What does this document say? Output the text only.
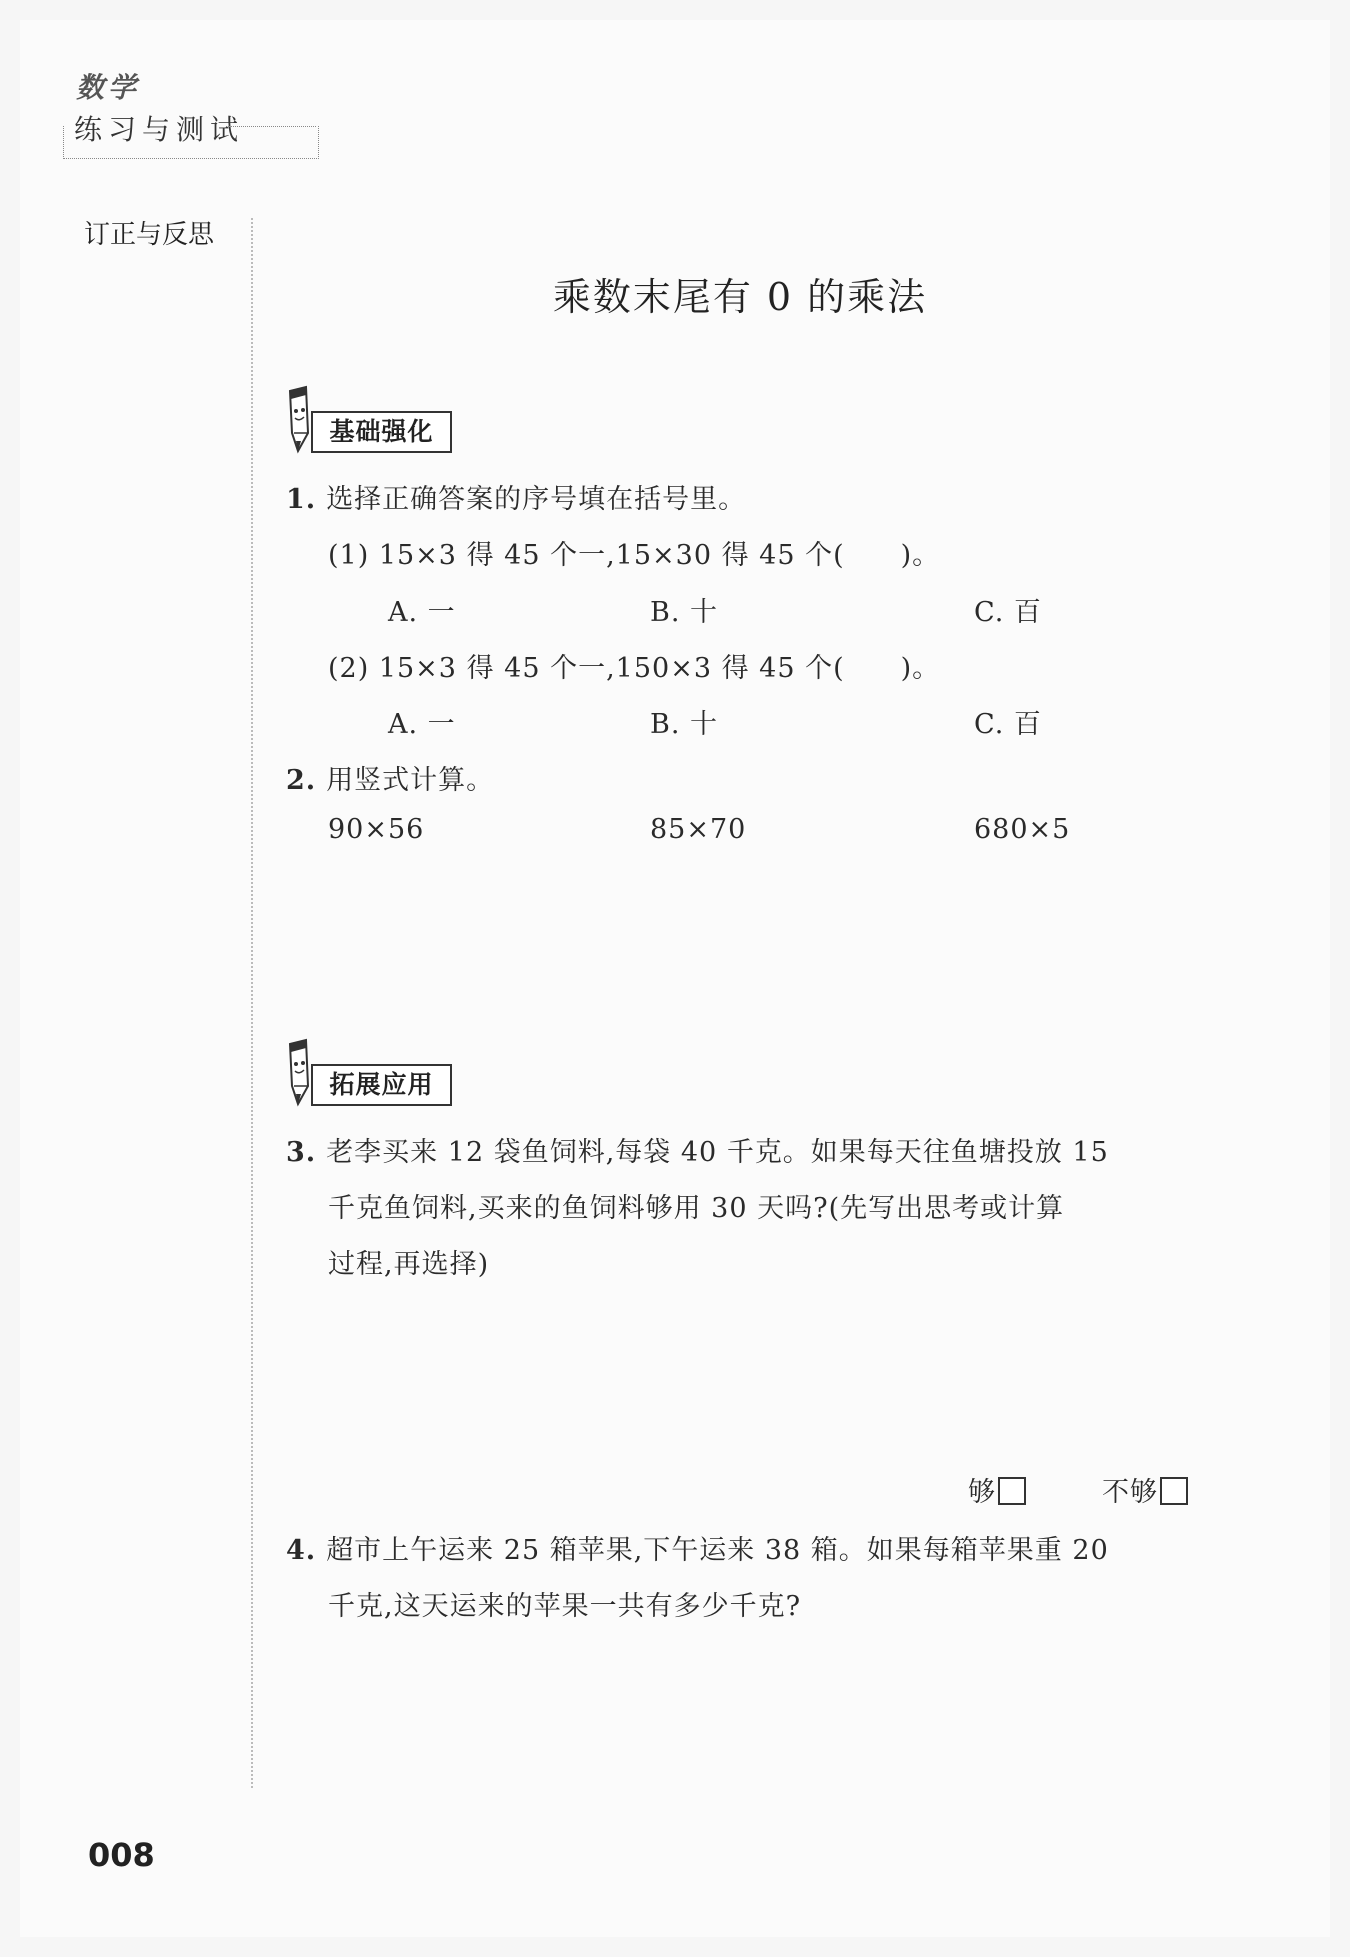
数学
练习与测试
订正与反思
乘数末尾有 0 的乘法
基础强化
1. 选择正确答案的序号填在括号里。
(1) 15×3 得 45 个一,15×30 得 45 个(　　)。
A. 一	B. 十	C. 百
(2) 15×3 得 45 个一,150×3 得 45 个(　　)。
A. 一	B. 十	C. 百
2. 用竖式计算。
90×56	85×70	680×5
拓展应用
3. 老李买来 12 袋鱼饲料,每袋 40 千克。如果每天往鱼塘投放 15
千克鱼饲料,买来的鱼饲料够用 30 天吗?(先写出思考或计算
过程,再选择)
够	不够
4. 超市上午运来 25 箱苹果,下午运来 38 箱。如果每箱苹果重 20
千克,这天运来的苹果一共有多少千克?
008
